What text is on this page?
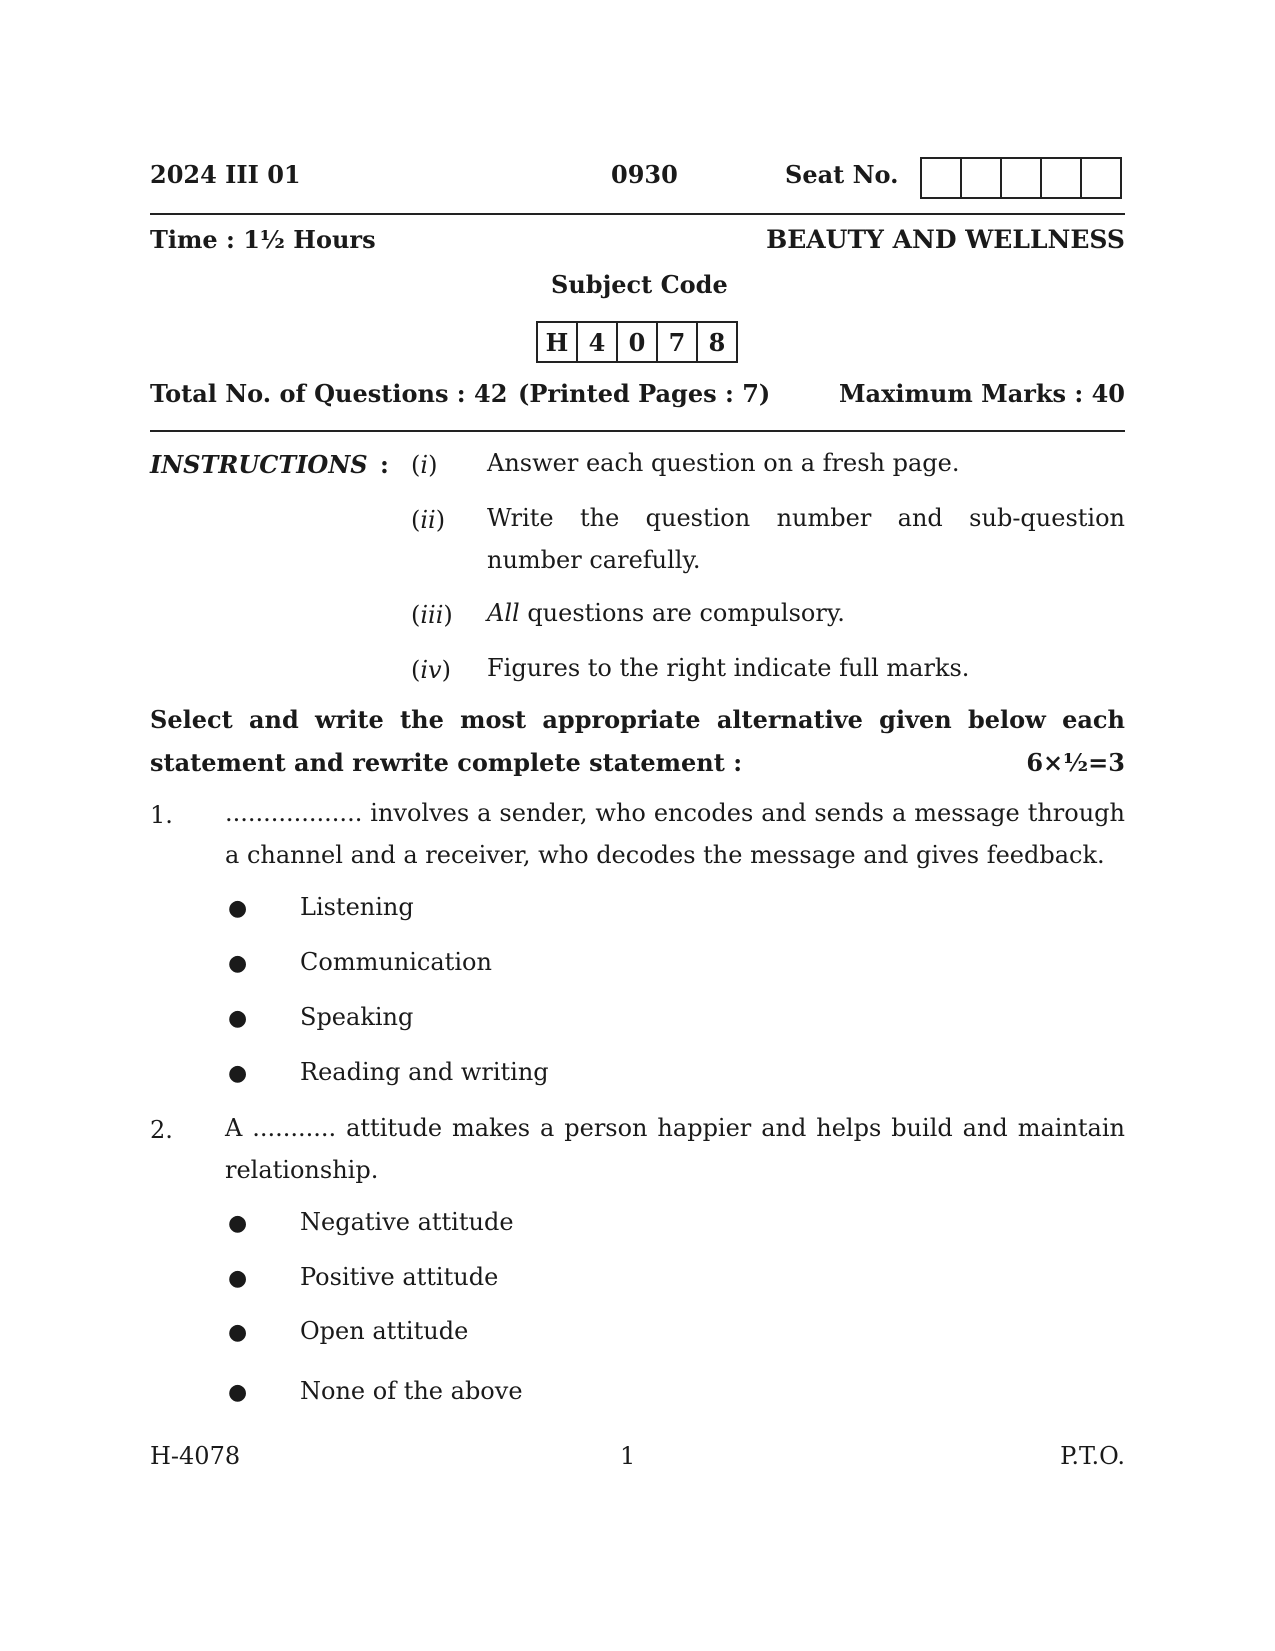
2024 III 01	0930	Seat No.
Time : 1½ Hours	BEAUTY AND WELLNESS
Subject Code
H 4 0 7 8
Total No. of Questions : 42 (Printed Pages : 7)	Maximum Marks : 40
INSTRUCTIONS : (i) Answer each question on a fresh page.
(ii) Write the question number and sub-question number carefully.
(iii) All questions are compulsory.
(iv) Figures to the right indicate full marks.
Select and write the most appropriate alternative given below each
statement and rewrite complete statement :	6×½=3
1. .................. involves a sender, who encodes and sends a message through a channel and a receiver, who decodes the message and gives feedback.
● Listening
● Communication
● Speaking
● Reading and writing
2. A ........... attitude makes a person happier and helps build and maintain relationship.
● Negative attitude
● Positive attitude
● Open attitude
● None of the above
H-4078	1	P.T.O.
